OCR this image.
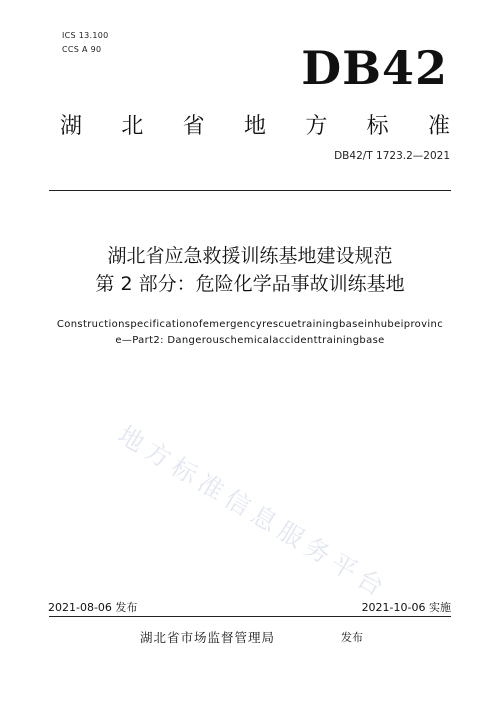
ICS 13.100
CCS A 90	DB42
湖 北 省 地 方 标 准
DB42/T 1723.2—2021
湖北省应急救援训练基地建设规范
第 2 部分：危险化学品事故训练基地
Constructionspecificationofemergencyrescuetrainingbaseinhubeiprovinc
e—Part2: Dangerouschemicalaccidenttrainingbase
地方标准信息服务平台
2021-08-06 发布	2021-10-06 实施
湖北省市场监督管理局	发布
